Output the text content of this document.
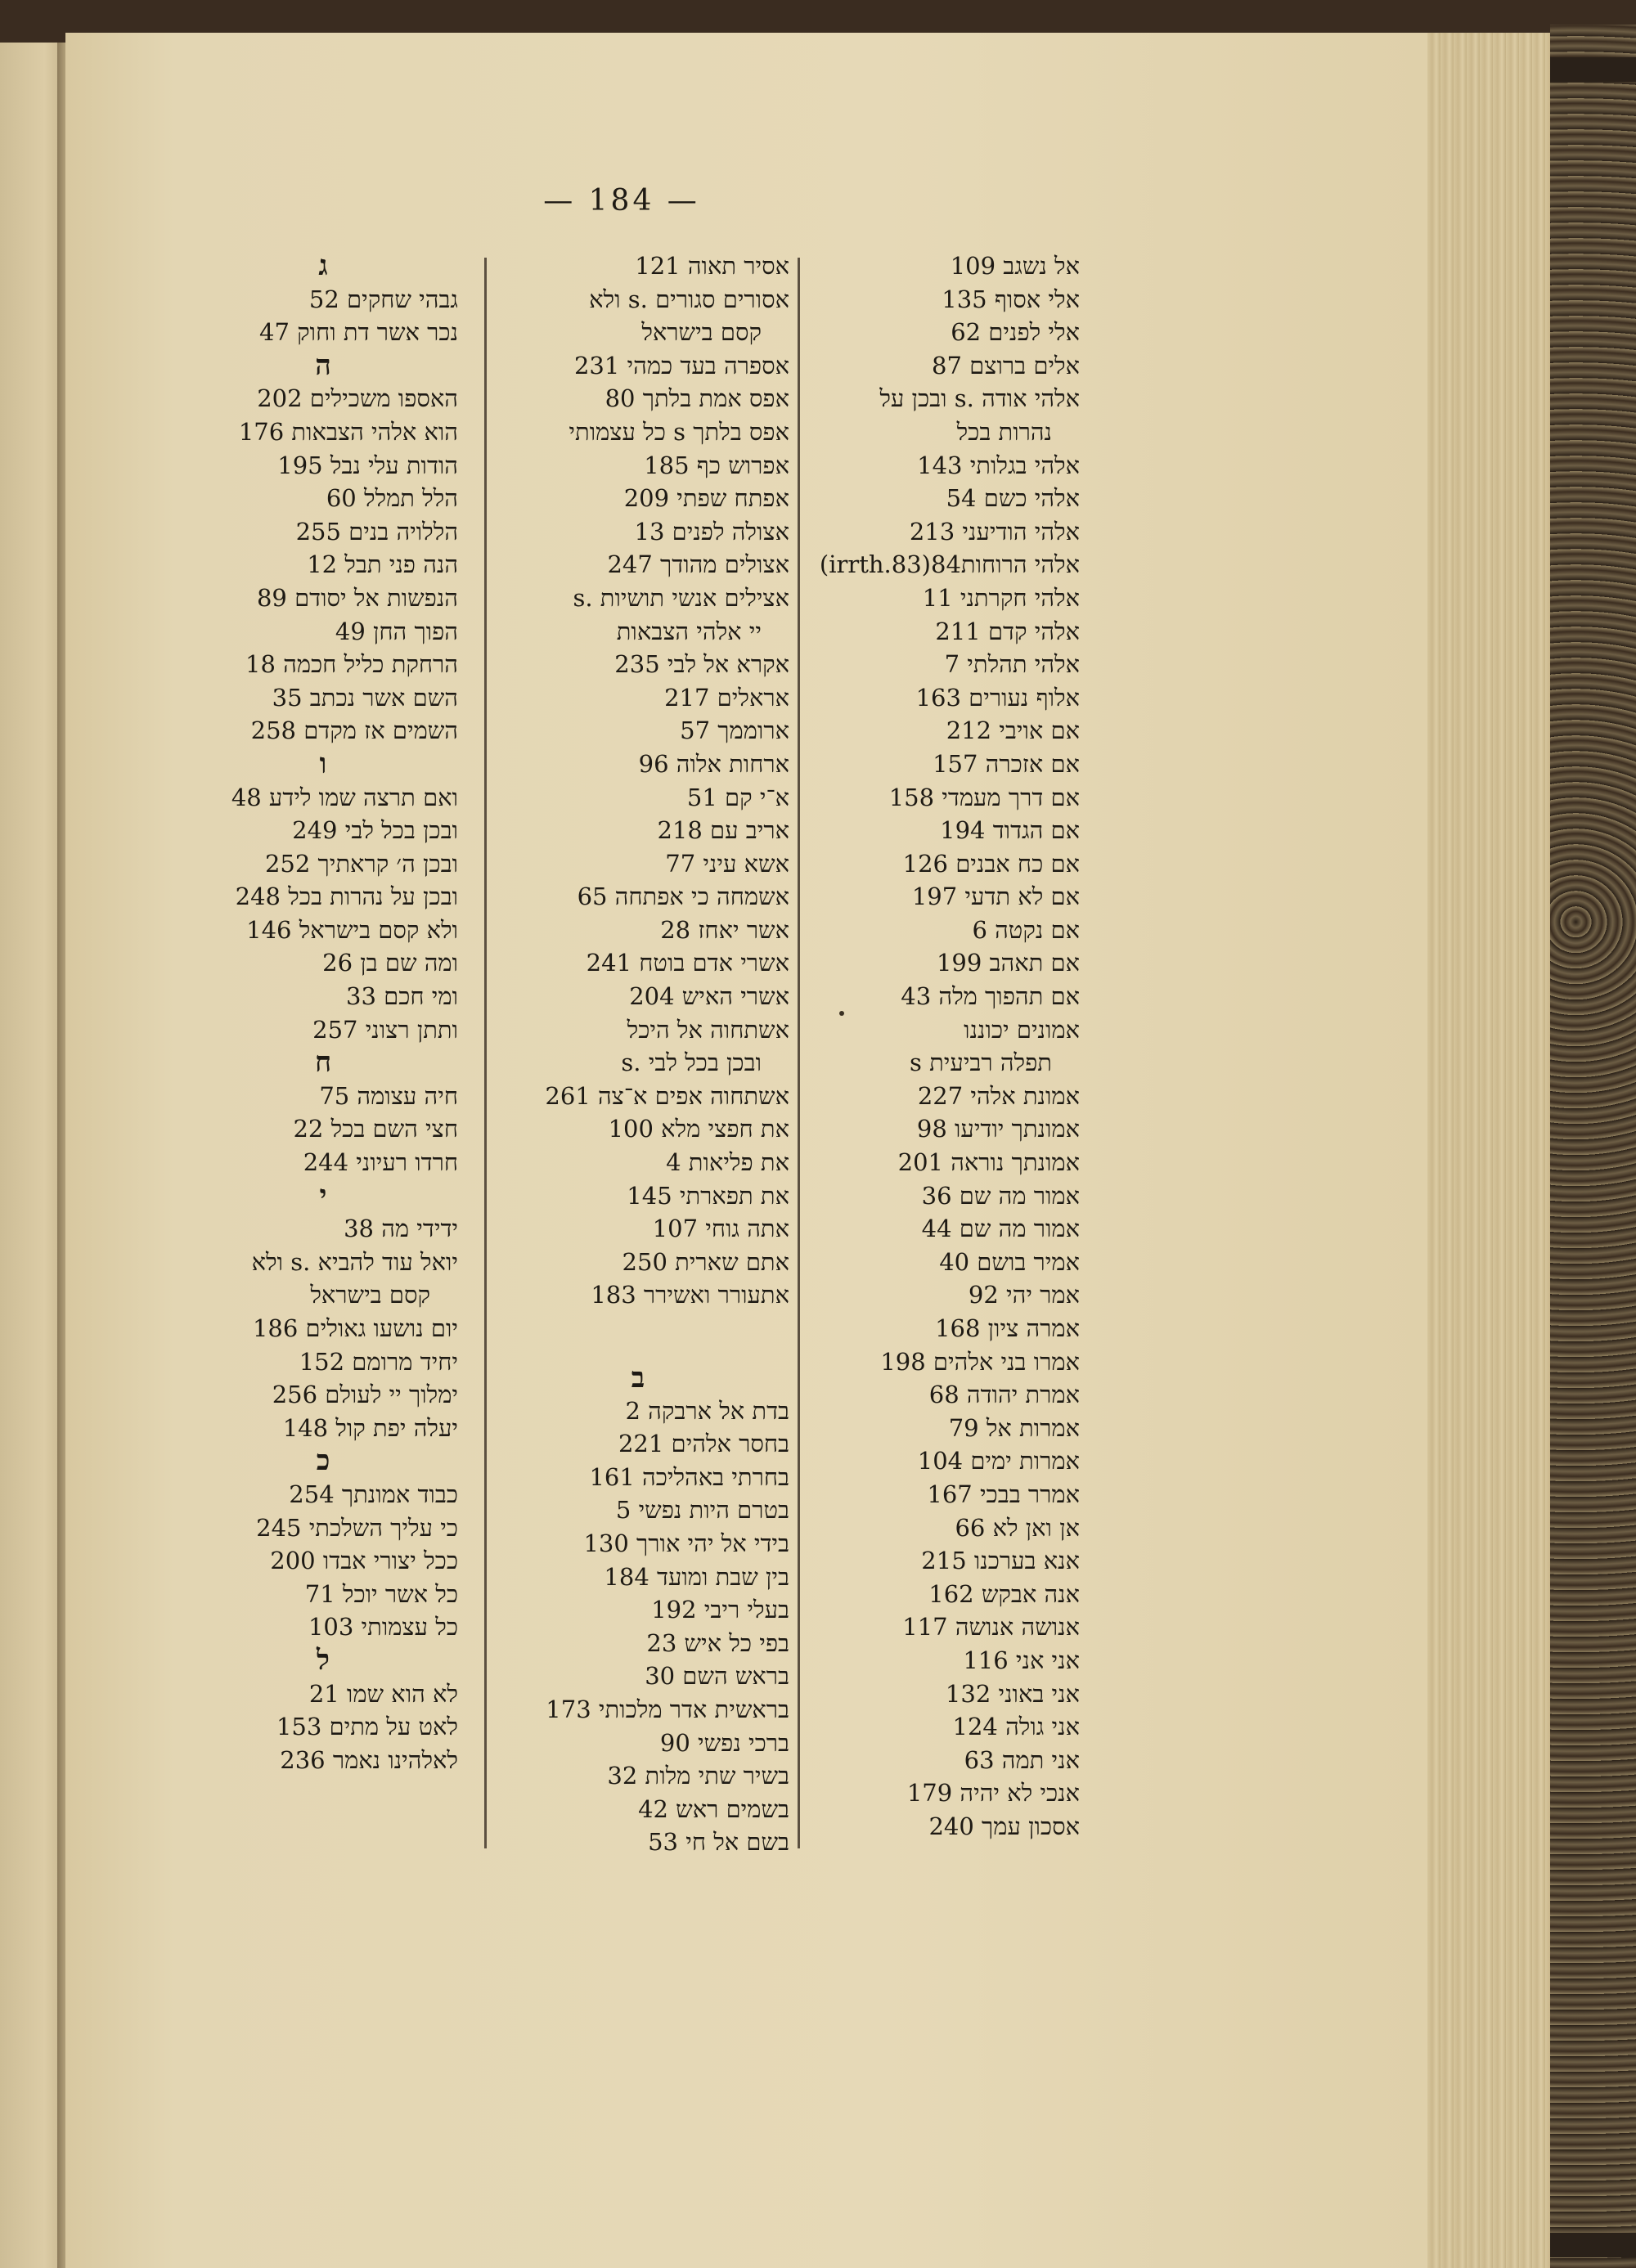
— 184 —
אל נשגב 109
אלי אסוף 135
אלי לפנים 62
אלים ברוצם 87
אלהי אודה .s ובכן על
נהרות בכל
אלהי בגלותי 143
אלהי כשם 54
אלהי הודיעני 213
אלהי הרוחות84(irrth.83)
אלהי חקרתני 11
אלהי קדם 211
אלהי תהלתי 7
אלוף נעורים 163
אם אויבי 212
אם אזכרה 157
אם דרך מעמדי 158
אם הגדוד 194
אם כח אבנים 126
אם לא תדעי 197
אם נקטה 6
אם תאהב 199
אם תהפוך מלה 43
אמונים יכוננו
תפלה רביעית s
אמונת אלהי 227
אמונתך יודיעו 98
אמונתך נוראה 201
אמור מה שם 36
אמור מה שם 44
אמיר בושם 40
אמר יהי 92
אמרה ציון 168
אמרו בני אלהים 198
אמרת יהודה 68
אמרות אל 79
אמרות ימים 104
אמרר בבכי 167
אן ואן לא 66
אנא בערכנו 215
אנה אבקש 162
אנושה אנושה 117
אני אני 116
אני באוני 132
אני גולה 124
אני תמה 63
אנכי לא יהיה 179
אסכון עמך 240
אסיר תאוה 121
אסורים סגורים .s ולא
קסם בישראל
אספרה בעד כמהי 231
אפס אמת בלתך 80
אפס בלתך s כל עצמותי
אפרוש כף 185
אפתח שפתי 209
אצולה לפנים 13
אצולים מהודך 247
אצילים אנשי תושיות .s
יי אלהי הצבאות
אקרא אל לבי 235
אראלים 217
ארוממך 57
ארחות אלוה 96
א־י קם 51
אריב עם 218
אשא עיני 77
אשמחה כי אפתחה 65
אשר יאחז 28
אשרי אדם בוטח 241
אשרי האיש 204
אשתחוה אל היכל
ובכן בכל לבי .s
אשתחוה אפים א־צה 261
את חפצי מלא 100
את פליאות 4
את תפארתי 145
אתה גוחי 107
אתם שארית 250
אתעורר ואשירר 183
ב
בדת אל ארבקה 2
בחסר אלהים 221
בחרתי באהליכה 161
בטרם היות נפשי 5
בידי אל יהי אורך 130
בין שבת ומועד 184
בעלי ריבי 192
בפי כל איש 23
בראש השם 30
בראשית אדר מלכותי 173
ברכי נפשי 90
בשיר שתי מלות 32
בשמים ראש 42
בשם אל חי 53
ג
גבהי שחקים 52
נכר אשר דת וחוק 47
ה
האספו משכילים 202
הוא אלהי הצבאות 176
הודות עלי נבל 195
הלל תמלל 60
הללויה בנים 255
הנה פני תבל 12
הנפשות אל יסודם 89
הפוך החן 49
הרחקת כליל חכמה 18
השם אשר נכתב 35
השמים אז מקדם 258
ו
ואם תרצה שמו לידע 48
ובכן בכל לבי 249
ובכן ה׳ קראתיך 252
ובכן על נהרות בכל 248
ולא קסם בישראל 146
ומה שם בן 26
ומי חכם 33
ותתן רצוני 257
ח
חיה עצומה 75
חצי השם בכל 22
חרדו רעיוני 244
י
ידידי מה 38
יואל עוד להביא .s ולא
קסם בישראל
יום נושעו גאולים 186
יחיד מרומם 152
ימלוך יי לעולם 256
יעלה יפת קול 148
כ
כבוד אמונתך 254
כי עליך השלכתי 245
ככל יצורי אבדו 200
כל אשר יוכל 71
כל עצמותי 103
ל
לא הוא שמו 21
לאט על מתים 153
לאלהינו נאמר 236
